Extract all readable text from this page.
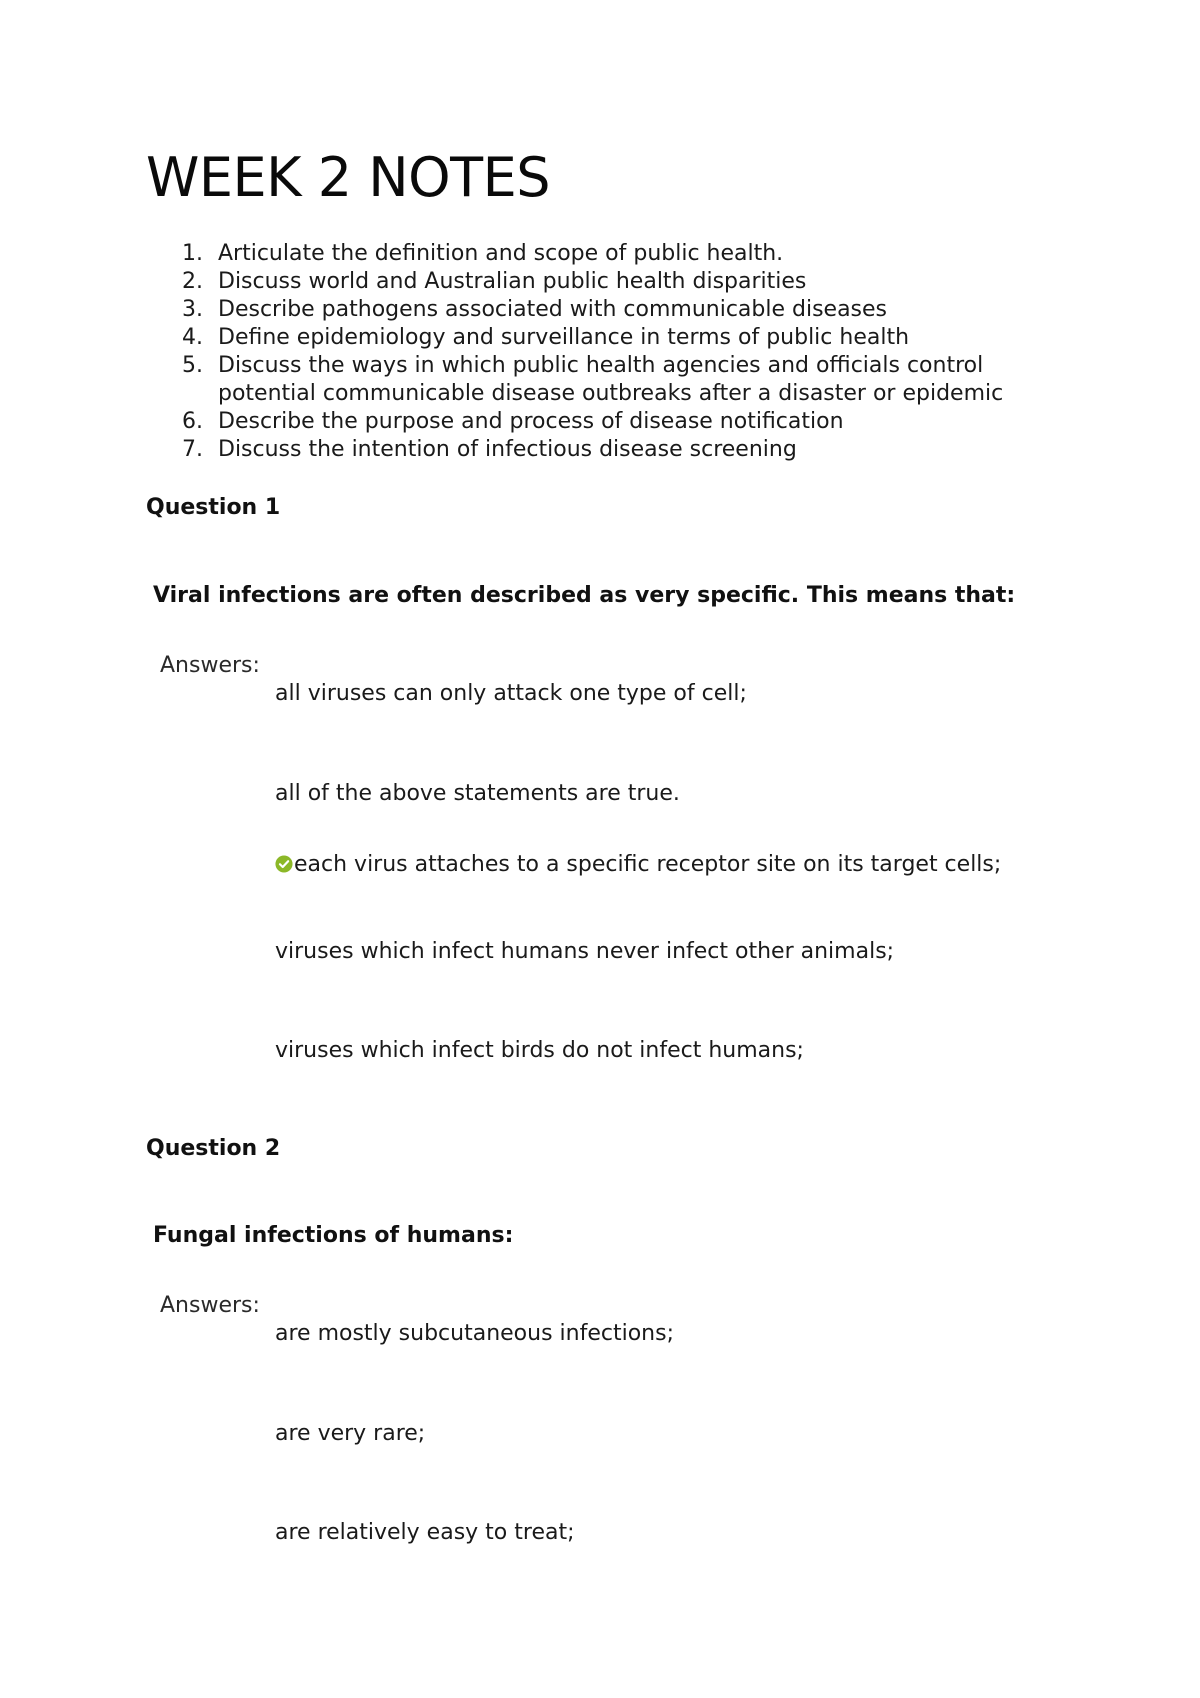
WEEK 2 NOTES
1. Articulate the definition and scope of public health.
2. Discuss world and Australian public health disparities
3. Describe pathogens associated with communicable diseases
4. Define epidemiology and surveillance in terms of public health
5. Discuss the ways in which public health agencies and officials control potential communicable disease outbreaks after a disaster or epidemic
6. Describe the purpose and process of disease notification
7. Discuss the intention of infectious disease screening
Question 1
Viral infections are often described as very specific. This means that:
Answers:
all viruses can only attack one type of cell;
all of the above statements are true.
each virus attaches to a specific receptor site on its target cells;
viruses which infect humans never infect other animals;
viruses which infect birds do not infect humans;
Question 2
Fungal infections of humans:
Answers:
are mostly subcutaneous infections;
are very rare;
are relatively easy to treat;
